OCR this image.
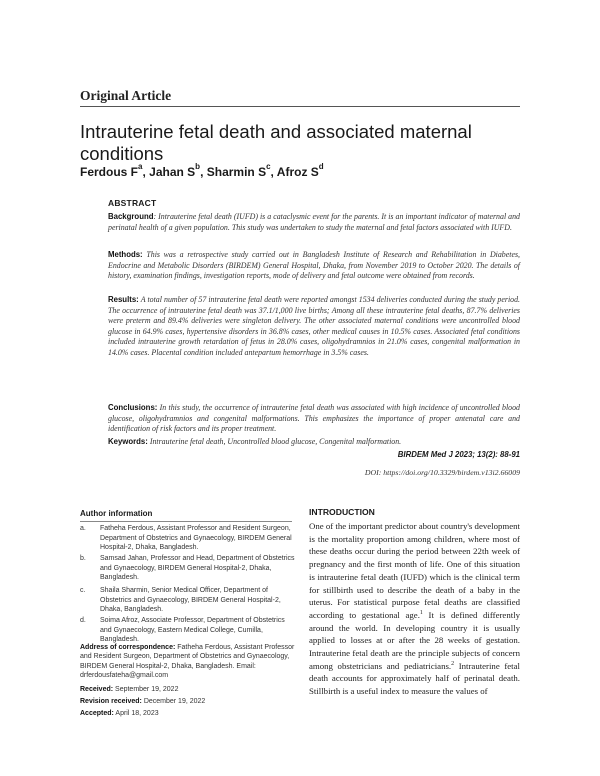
Original Article
Intrauterine fetal death and associated maternal conditions
Ferdous $F^a$, Jahan $S^b$, Sharmin $S^c$, Afroz $S^d$
ABSTRACT
Background: Intrauterine fetal death (IUFD) is a cataclysmic event for the parents. It is an important indicator of maternal and perinatal health of a given population. This study was undertaken to study the maternal and fetal factors associated with IUFD.
Methods: This was a retrospective study carried out in Bangladesh Institute of Research and Rehabilitation in Diabetes, Endocrine and Metabolic Disorders (BIRDEM) General Hospital, Dhaka, from November 2019 to October 2020. The details of history, examination findings, investigation reports, mode of delivery and fetal outcome were obtained from records.
Results: A total number of 57 intrauterine fetal death were reported amongst 1534 deliveries conducted during the study period. The occurrence of intrauterine fetal death was 37.1/1,000 live births; Among all these intrauterine fetal deaths, 87.7% deliveries were preterm and 89.4% deliveries were singleton delivery. The other associated maternal conditions were uncontrolled blood glucose in 64.9% cases, hypertensive disorders in 36.8% cases, other medical causes in 10.5% cases. Associated fetal conditions included intrauterine growth retardation of fetus in 28.0% cases, oligohydramnios in 21.0% cases, congenital malformation in 14.0% cases. Placental condition included antepartum hemorrhage in 3.5% cases.
Conclusions: In this study, the occurrence of intrauterine fetal death was associated with high incidence of uncontrolled blood glucose, oligohydramnios and congenital malformations. This emphasizes the importance of proper antenatal care and identification of risk factors and its proper treatment.
Keywords: Intrauterine fetal death, Uncontrolled blood glucose, Congenital malformation.
BIRDEM Med J 2023; 13(2): 88-91
DOI: https://doi.org/10.3329/birdem.v13i2.66009
Author information
a. Fatheha Ferdous, Assistant Professor and Resident Surgeon, Department of Obstetrics and Gynaecology, BIRDEM General Hospital-2, Dhaka, Bangladesh.
b. Samsad Jahan, Professor and Head, Department of Obstetrics and Gynaecology, BIRDEM General Hospital-2, Dhaka, Bangladesh.
c. Shaila Sharmin, Senior Medical Officer, Department of Obstetrics and Gynaecology, BIRDEM General Hospital-2, Dhaka, Bangladesh.
d. Soima Afroz, Associate Professor, Department of Obstetrics and Gynaecology, Eastern Medical College, Cumilla, Bangladesh.
Address of correspondence: Fatheha Ferdous, Assistant Professor and Resident Surgeon, Department of Obstetrics and Gynaecology, BIRDEM General Hospital-2, Dhaka, Bangladesh. Email: drferdousfateha@gmail.com
Received: September 19, 2022
Revision received: December 19, 2022
Accepted: April 18, 2023
INTRODUCTION
One of the important predictor about country's development is the mortality proportion among children, where most of these deaths occur during the period between 22th week of pregnancy and the first month of life. One of this situation is intrauterine fetal death (IUFD) which is the clinical term for stillbirth used to describe the death of a baby in the uterus. For statistical purpose fetal deaths are classified according to gestational age.$^1$ It is defined differently around the world. In developing country it is usually applied to losses at or after the 28 weeks of gestation. Intrauterine fetal death are the principle subjects of concern among obstetricians and pediatricians.$^2$ Intrauterine fetal death accounts for approximately half of perinatal death. Stillbirth is a useful index to measure the values of
